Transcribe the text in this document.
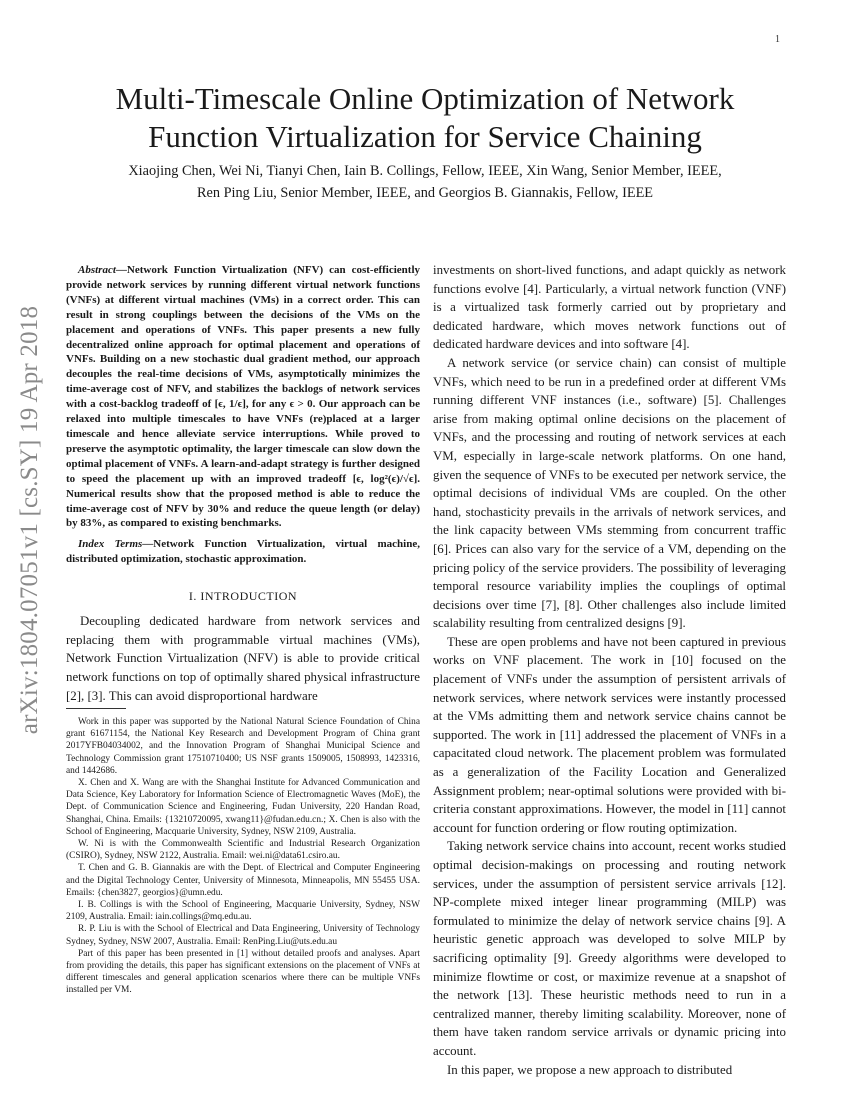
1
arXiv:1804.07051v1 [cs.SY] 19 Apr 2018
Multi-Timescale Online Optimization of Network
Function Virtualization for Service Chaining
Xiaojing Chen, Wei Ni, Tianyi Chen, Iain B. Collings, Fellow, IEEE, Xin Wang, Senior Member, IEEE,
Ren Ping Liu, Senior Member, IEEE, and Georgios B. Giannakis, Fellow, IEEE

Abstract—Network Function Virtualization (NFV) can cost-efficiently provide network services by running different virtual network functions (VNFs) at different virtual machines (VMs) in a correct order. This can result in strong couplings between the decisions of the VMs on the placement and operations of VNFs. This paper presents a new fully decentralized online approach for optimal placement and operations of VNFs. Building on a new stochastic dual gradient method, our approach decouples the real-time decisions of VMs, asymptotically minimizes the time-average cost of NFV, and stabilizes the backlogs of network services with a cost-backlog tradeoff of [ϵ, 1/ϵ], for any ϵ > 0. Our approach can be relaxed into multiple timescales to have VNFs (re)placed at a larger timescale and hence alleviate service interruptions. While proved to preserve the asymptotic optimality, the larger timescale can slow down the optimal placement of VNFs. A learn-and-adapt strategy is further designed to speed the placement up with an improved tradeoff [ϵ, log²(ϵ)/√ϵ]. Numerical results show that the proposed method is able to reduce the time-average cost of NFV by 30% and reduce the queue length (or delay) by 83%, as compared to existing benchmarks.

Index Terms—Network Function Virtualization, virtual machine, distributed optimization, stochastic approximation.

I. INTRODUCTION

Decoupling dedicated hardware from network services and replacing them with programmable virtual machines (VMs), Network Function Virtualization (NFV) is able to provide critical network functions on top of optimally shared physical infrastructure [2], [3]. This can avoid disproportional hardware

Work in this paper was supported by the National Natural Science Foundation of China grant 61671154, the National Key Research and Development Program of China grant 2017YFB04034002, and the Innovation Program of Shanghai Municipal Science and Technology Commission grant 17510710400; US NSF grants 1509005, 1508993, 1423316, and 1442686.

X. Chen and X. Wang are with the Shanghai Institute for Advanced Communication and Data Science, Key Laboratory for Information Science of Electromagnetic Waves (MoE), the Dept. of Communication Science and Engineering, Fudan University, 220 Handan Road, Shanghai, China. Emails: {13210720095, xwang11}@fudan.edu.cn.; X. Chen is also with the School of Engineering, Macquarie University, Sydney, NSW 2109, Australia.

W. Ni is with the Commonwealth Scientific and Industrial Research Organization (CSIRO), Sydney, NSW 2122, Australia. Email: wei.ni@data61.csiro.au.

T. Chen and G. B. Giannakis are with the Dept. of Electrical and Computer Engineering and the Digital Technology Center, University of Minnesota, Minneapolis, MN 55455 USA. Emails: {chen3827, georgios}@umn.edu.

I. B. Collings is with the School of Engineering, Macquarie University, Sydney, NSW 2109, Australia. Email: iain.collings@mq.edu.au.

R. P. Liu is with the School of Electrical and Data Engineering, University of Technology Sydney, Sydney, NSW 2007, Australia. Email: RenPing.Liu@uts.edu.au

Part of this paper has been presented in [1] without detailed proofs and analyses. Apart from providing the details, this paper has significant extensions on the placement of VNFs at different timescales and general application scenarios where there can be multiple VNFs installed per VM.

investments on short-lived functions, and adapt quickly as network functions evolve [4]. Particularly, a virtual network function (VNF) is a virtualized task formerly carried out by proprietary and dedicated hardware, which moves network functions out of dedicated hardware devices and into software [4].

A network service (or service chain) can consist of multiple VNFs, which need to be run in a predefined order at different VMs running different VNF instances (i.e., software) [5]. Challenges arise from making optimal online decisions on the placement of VNFs, and the processing and routing of network services at each VM, especially in large-scale network platforms. On one hand, given the sequence of VNFs to be executed per network service, the optimal decisions of individual VMs are coupled. On the other hand, stochasticity prevails in the arrivals of network services, and the link capacity between VMs stemming from concurrent traffic [6]. Prices can also vary for the service of a VM, depending on the pricing policy of the service providers. The possibility of leveraging temporal resource variability implies the couplings of optimal decisions over time [7], [8]. Other challenges also include limited scalability resulting from centralized designs [9].

These are open problems and have not been captured in previous works on VNF placement. The work in [10] focused on the placement of VNFs under the assumption of persistent arrivals of network services, where network services were instantly processed at the VMs admitting them and network service chains cannot be supported. The work in [11] addressed the placement of VNFs in a capacitated cloud network. The placement problem was formulated as a generalization of the Facility Location and Generalized Assignment problem; near-optimal solutions were provided with bi-criteria constant approximations. However, the model in [11] cannot account for function ordering or flow routing optimization.

Taking network service chains into account, recent works studied optimal decision-makings on processing and routing network services, under the assumption of persistent service arrivals [12]. NP-complete mixed integer linear programming (MILP) was formulated to minimize the delay of network service chains [9]. A heuristic genetic approach was developed to solve MILP by sacrificing optimality [9]. Greedy algorithms were developed to minimize flowtime or cost, or maximize revenue at a snapshot of the network [13]. These heuristic methods need to run in a centralized manner, thereby limiting scalability. Moreover, none of them have taken random service arrivals or dynamic pricing into account.

In this paper, we propose a new approach to distributed
